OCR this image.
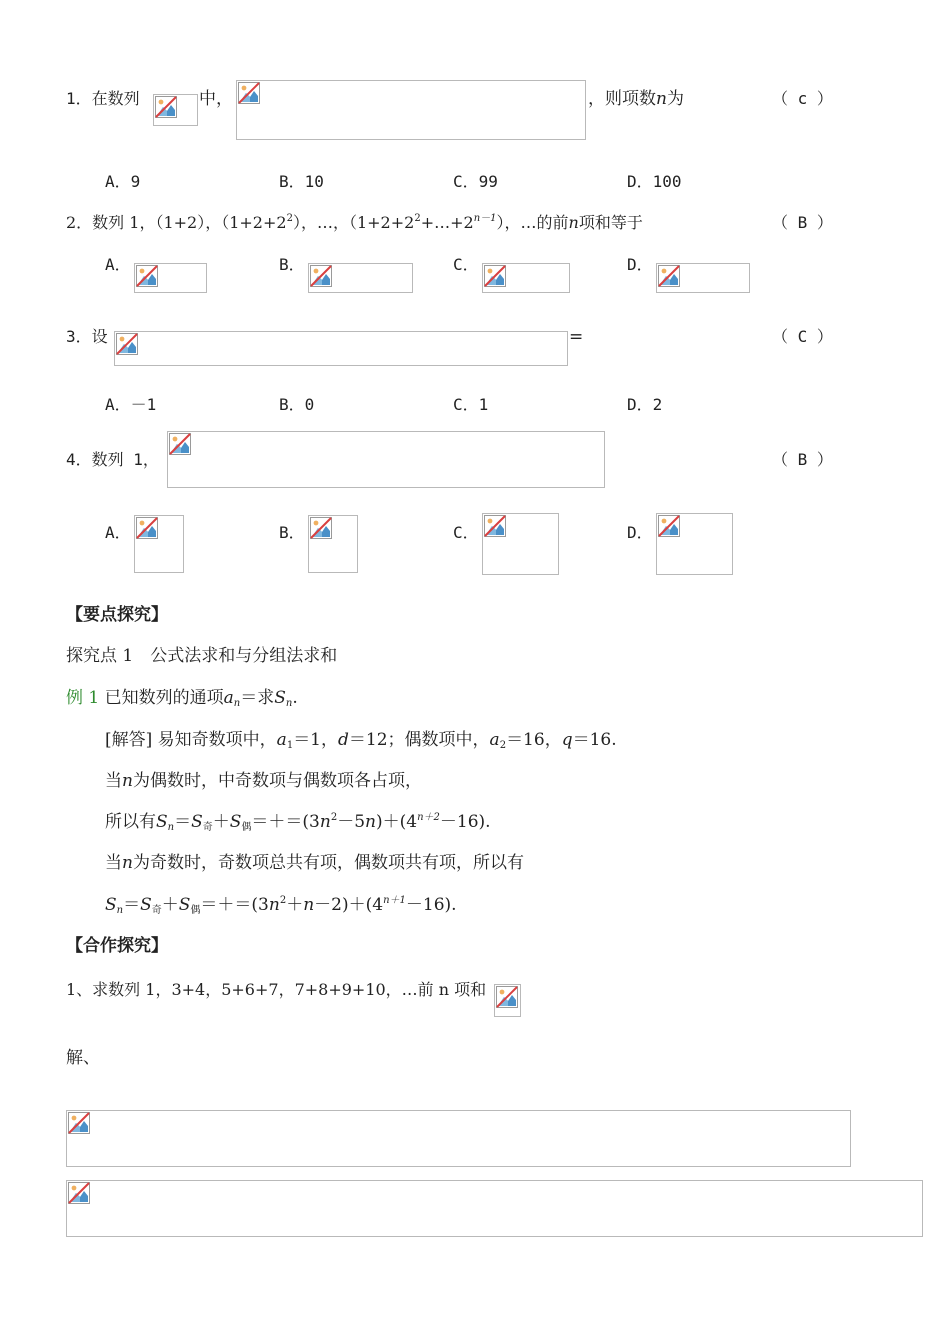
1．在数列	中，	，则项数n为	（ c ）
A．9	B．10	C．99	D．100
2．数列 1，（1+2），$(1+2+2^2)$，…，$(1+2+2^2+\dots+2^{n-1})$，…的前n项和等于	（ B ）
A．	B．	C．	D．
3．设	=	（ C ）
A．－1	B．0	C．1	D．2
4．数列 1，	（ B ）
A．	B．	C．	D．
【要点探究】
探究点 1　公式法求和与分组法求和
例 1 已知数列的通项$a_n=$求$S_n$.
[解答] 易知奇数项中，$a_1=1$，d＝12；偶数项中，$a_2=16$，q＝16.
当n为偶数时，中奇数项与偶数项各占项，
所以有$S_n=S_奇+S_偶=+=(3n^2-5n)+(4^{n+2}-16)$.
当n为奇数时，奇数项总共有项，偶数项共有项，所以有
$S_n=S_奇+S_偶=+=(3n^2+n-2)+(4^{n+1}-16)$.
【合作探究】
1、求数列 1，3+4，5+6+7，7+8+9+10，…前 n 项和
解、
